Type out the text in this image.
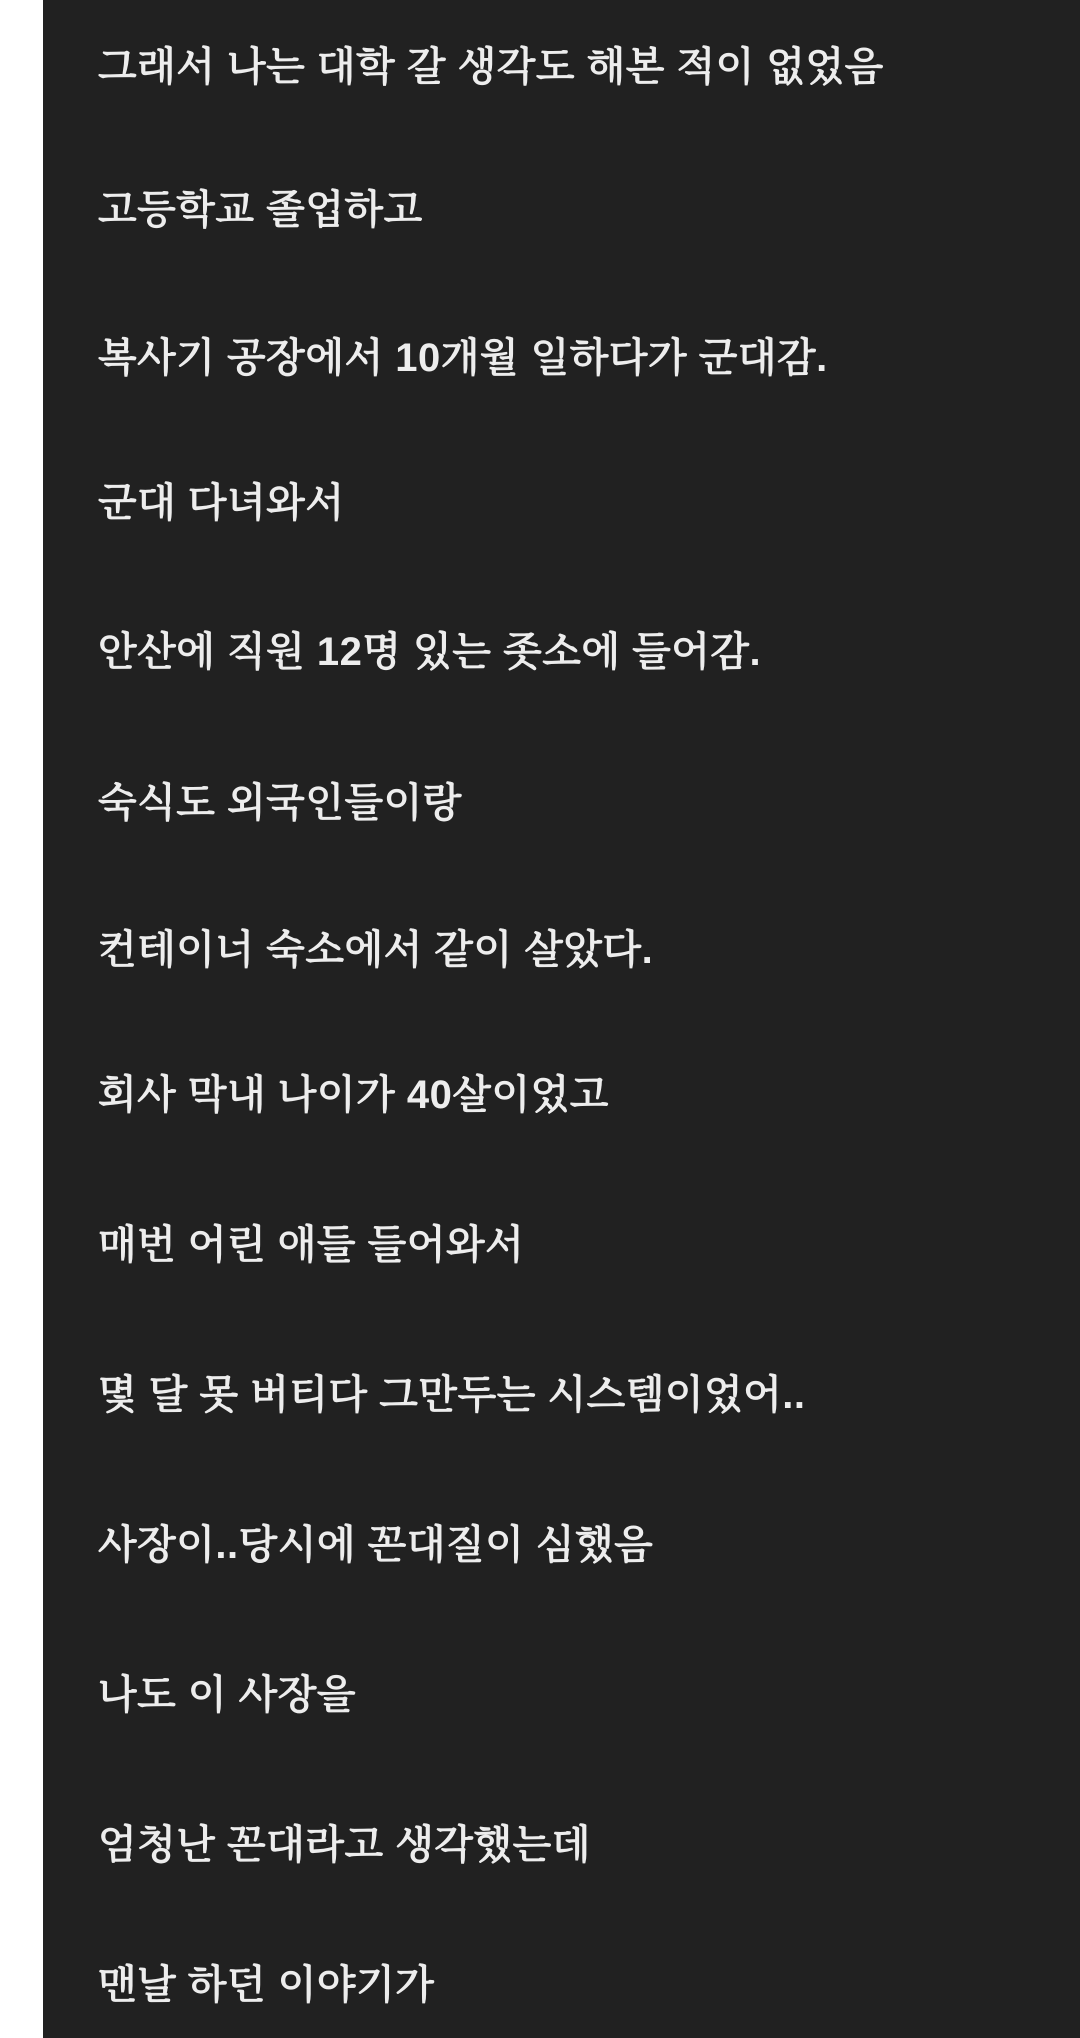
그래서 나는 대학 갈 생각도 해본 적이 없었음
고등학교 졸업하고
복사기 공장에서 10개월 일하다가 군대감.
군대 다녀와서
안산에 직원 12명 있는 좃소에 들어감.
숙식도 외국인들이랑
컨테이너 숙소에서 같이 살았다.
회사 막내 나이가 40살이었고
매번 어린 애들 들어와서
몇 달 못 버티다 그만두는 시스템이었어..
사장이..당시에 꼰대질이 심했음
나도 이 사장을
엄청난 꼰대라고 생각했는데
맨날 하던 이야기가
